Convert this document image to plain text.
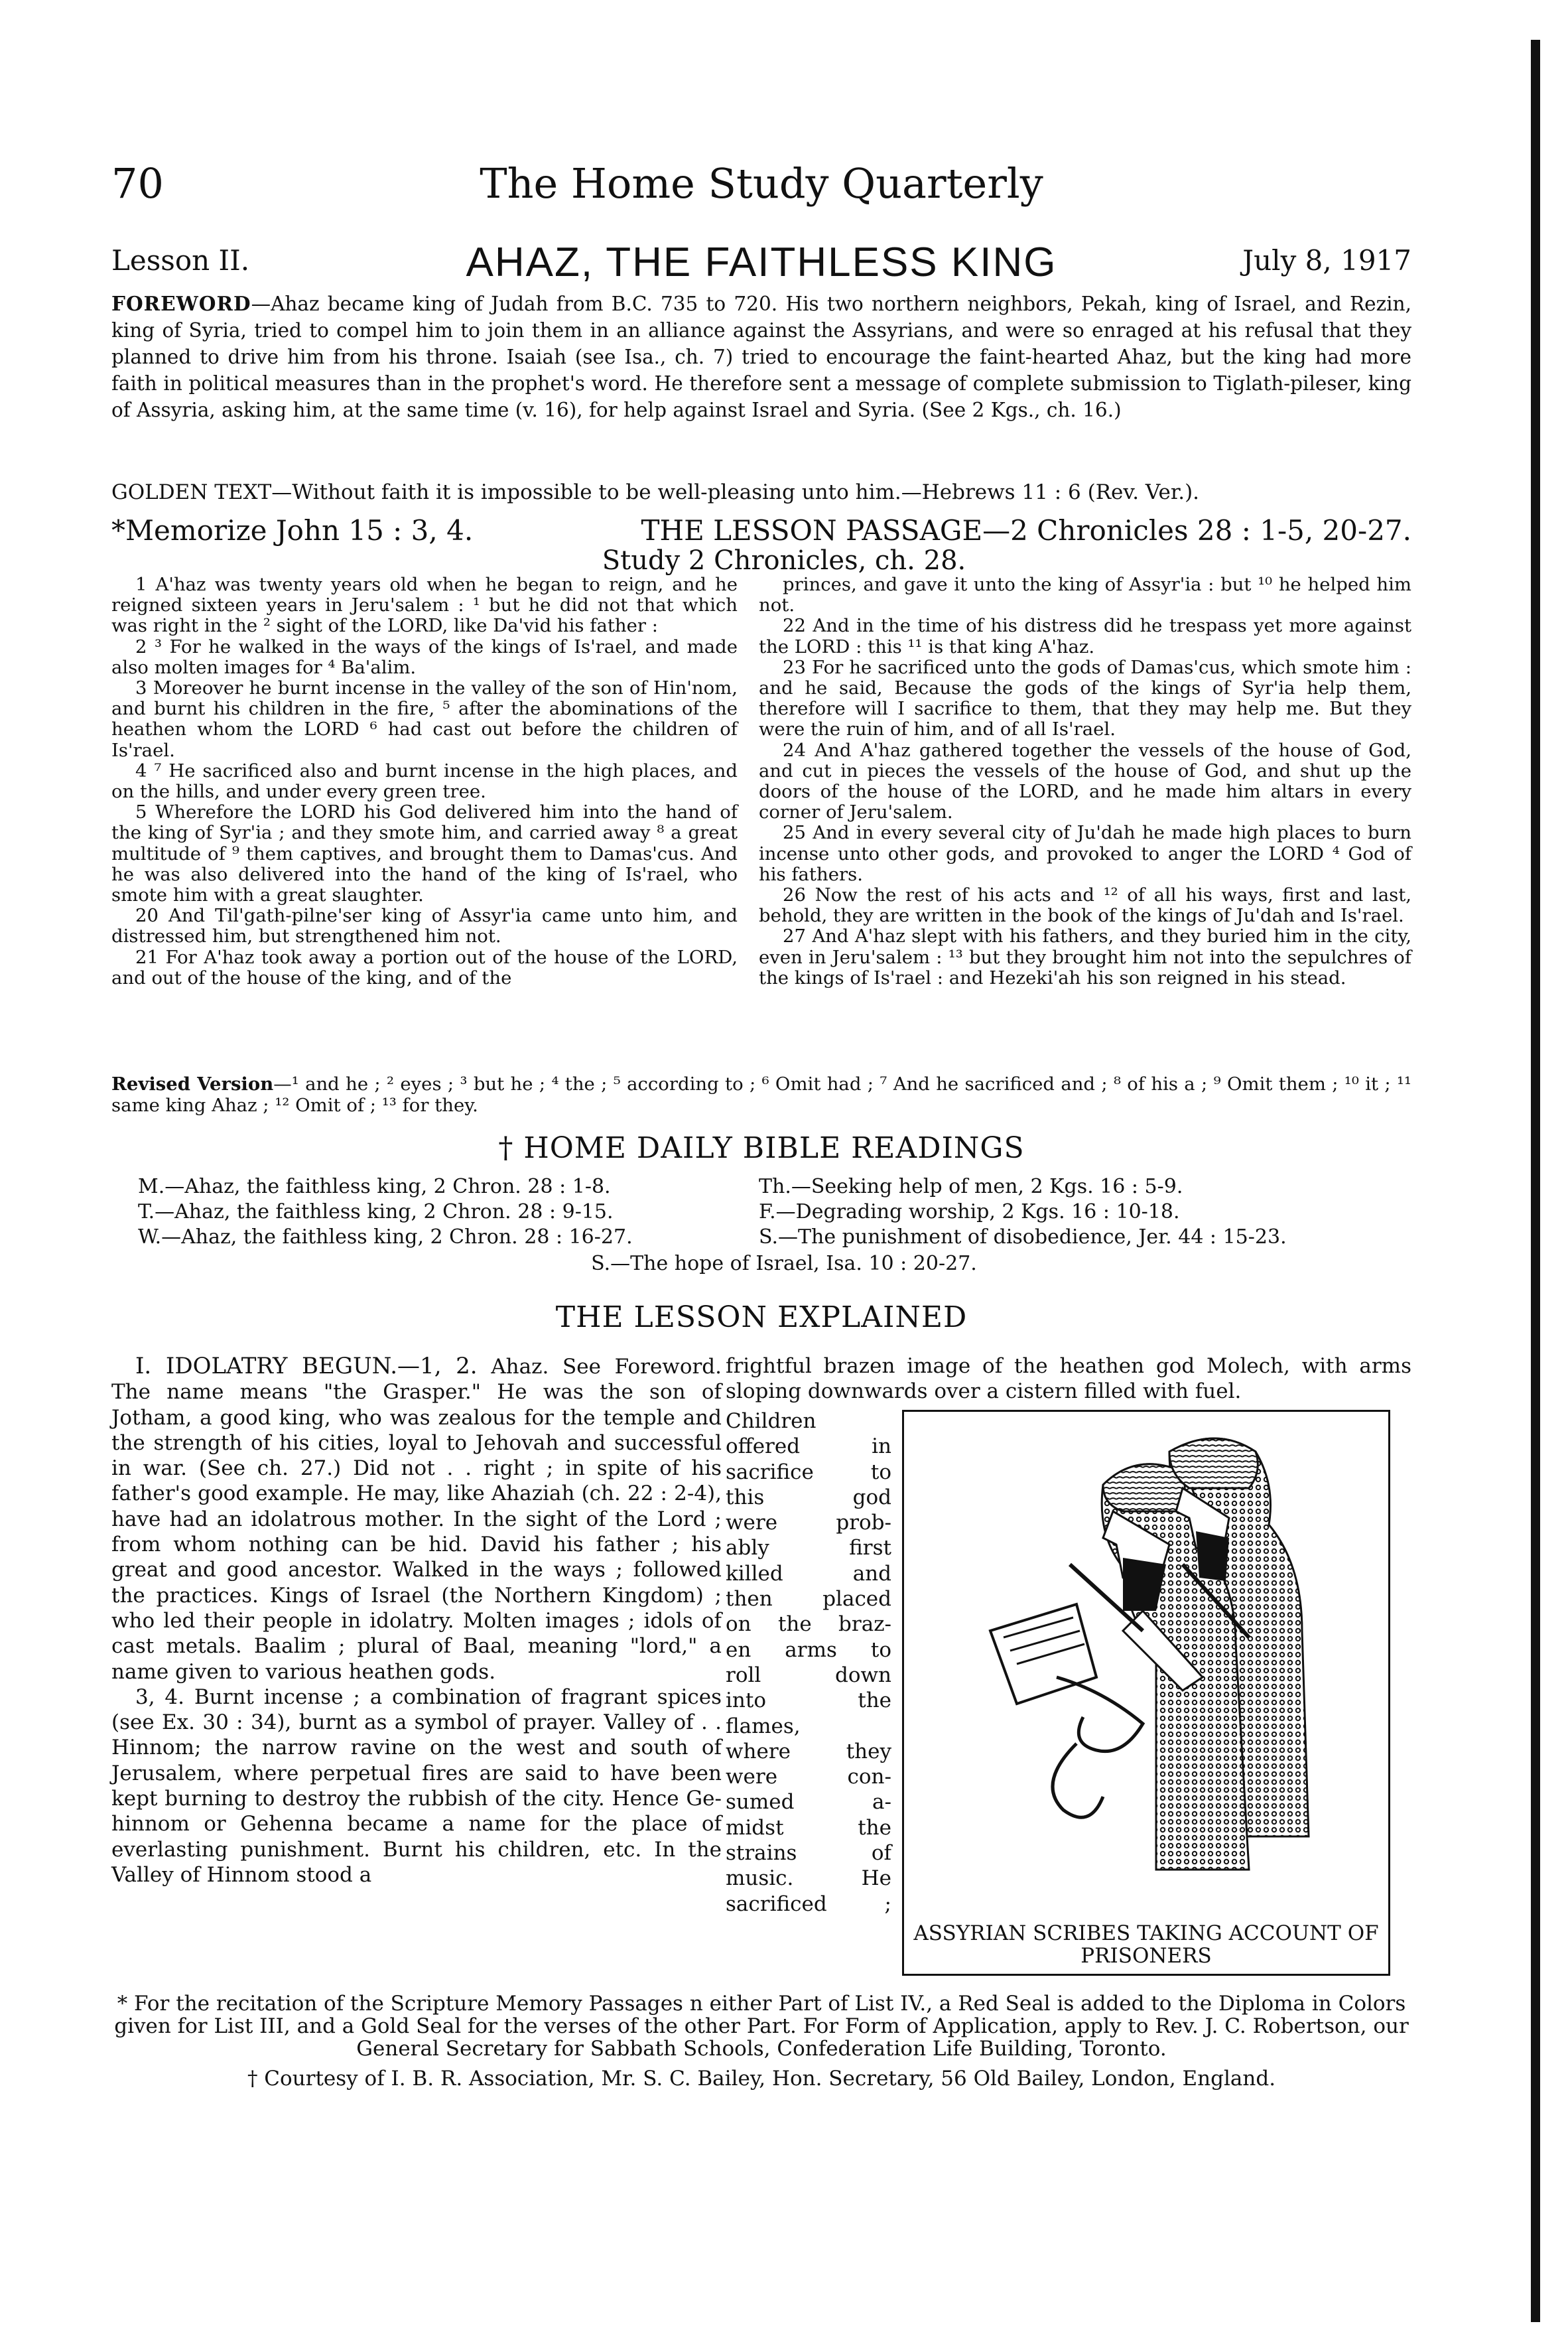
70	The Home Study Quarterly
Lesson II.	AHAZ, THE FAITHLESS KING	July 8, 1917
FOREWORD—Ahaz became king of Judah from B.C. 735 to 720. His two northern neighbors, Pekah, king of Israel, and Rezin, king of Syria, tried to compel him to join them in an alliance against the Assyrians, and were so enraged at his refusal that they planned to drive him from his throne. Isaiah (see Isa., ch. 7) tried to encourage the faint-hearted Ahaz, but the king had more faith in political measures than in the prophet's word. He therefore sent a message of complete submission to Tiglath-pileser, king of Assyria, asking him, at the same time (v. 16), for help against Israel and Syria. (See 2 Kgs., ch. 16.)
GOLDEN TEXT—Without faith it is impossible to be well-pleasing unto him.—Hebrews 11 : 6 (Rev. Ver.).
*Memorize John 15 : 3, 4.	THE LESSON PASSAGE—2 Chronicles 28 : 1-5, 20-27.
Study 2 Chronicles, ch. 28.

1 A'haz was twenty years old when he began to reign, and he reigned sixteen years in Jeru'salem : ¹ but he did not that which was right in the ² sight of the LORD, like Da'vid his father :

2 ³ For he walked in the ways of the kings of Is'rael, and made also molten images for ⁴ Ba'alim.

3 Moreover he burnt incense in the valley of the son of Hin'nom, and burnt his children in the fire, ⁵ after the abominations of the heathen whom the LORD ⁶ had cast out before the children of Is'rael.

4 ⁷ He sacrificed also and burnt incense in the high places, and on the hills, and under every green tree.

5 Wherefore the LORD his God delivered him into the hand of the king of Syr'ia ; and they smote him, and carried away ⁸ a great multitude of ⁹ them captives, and brought them to Damas'cus. And he was also delivered into the hand of the king of Is'rael, who smote him with a great slaughter.

20 And Til'gath-pilne'ser king of Assyr'ia came unto him, and distressed him, but strengthened him not.

21 For A'haz took away a portion out of the house of the LORD, and out of the house of the king, and of the

princes, and gave it unto the king of Assyr'ia : but ¹⁰ he helped him not.

22 And in the time of his distress did he trespass yet more against the LORD : this ¹¹ is that king A'haz.

23 For he sacrificed unto the gods of Damas'cus, which smote him : and he said, Because the gods of the kings of Syr'ia help them, therefore will I sacrifice to them, that they may help me. But they were the ruin of him, and of all Is'rael.

24 And A'haz gathered together the vessels of the house of God, and cut in pieces the vessels of the house of God, and shut up the doors of the house of the LORD, and he made him altars in every corner of Jeru'salem.

25 And in every several city of Ju'dah he made high places to burn incense unto other gods, and provoked to anger the LORD ⁴ God of his fathers.

26 Now the rest of his acts and ¹² of all his ways, first and last, behold, they are written in the book of the kings of Ju'dah and Is'rael.

27 And A'haz slept with his fathers, and they buried him in the city, even in Jeru'salem : ¹³ but they brought him not into the sepulchres of the kings of Is'rael : and Hezeki'ah his son reigned in his stead.

Revised Version—¹ and he ; ² eyes ; ³ but he ; ⁴ the ; ⁵ according to ; ⁶ Omit had ; ⁷ And he sacrificed and ; ⁸ of his a ; ⁹ Omit them ; ¹⁰ it ; ¹¹ same king Ahaz ; ¹² Omit of ; ¹³ for they.
† HOME DAILY BIBLE READINGS
M.—Ahaz, the faithless king, 2 Chron. 28 : 1-8.
T.—Ahaz, the faithless king, 2 Chron. 28 : 9-15.
W.—Ahaz, the faithless king, 2 Chron. 28 : 16-27.
Th.—Seeking help of men, 2 Kgs. 16 : 5-9.
F.—Degrading worship, 2 Kgs. 16 : 10-18.
S.—The punishment of disobedience, Jer. 44 : 15-23.
S.—The hope of Israel, Isa. 10 : 20-27.
THE LESSON EXPLAINED

I. IDOLATRY BEGUN.—1, 2. Ahaz. See Foreword. The name means "the Grasper." He was the son of Jotham, a good king, who was zealous for the temple and the strength of his cities, loyal to Jehovah and successful in war. (See ch. 27.) Did not . . right ; in spite of his father's good example. He may, like Ahaziah (ch. 22 : 2-4), have had an idolatrous mother. In the sight of the Lord ; from whom nothing can be hid. David his father ; his great and good ancestor. Walked in the ways ; followed the practices. Kings of Israel (the Northern Kingdom) ; who led their people in idolatry. Molten images ; idols of cast metals. Baalim ; plural of Baal, meaning "lord," a name given to various heathen gods.

3, 4. Burnt incense ; a combination of fragrant spices (see Ex. 30 : 34), burnt as a symbol of prayer. Valley of . . Hinnom; the narrow ravine on the west and south of Jerusalem, where perpetual fires are said to have been kept burning to destroy the rubbish of the city. Hence Ge-hinnom or Gehenna became a name for the place of everlasting punishment. Burnt his children, etc. In the Valley of Hinnom stood a

frightful brazen image of the heathen god Molech, with arms sloping downwards over a cistern filled with fuel.
Children
offered in
sacrifice to
this god
were prob-
ably first
killed and
then placed
on the braz-
en arms to
roll down
into the
flames,
where they
were con-
sumed a-
midst the
strains of
music. He
sacrificed ;
ASSYRIAN SCRIBES TAKING ACCOUNT OF PRISONERS
* For the recitation of the Scripture Memory Passages n either Part of List IV., a Red Seal is added to the Diploma in Colors given for List III, and a Gold Seal for the verses of the other Part. For Form of Application, apply to Rev. J. C. Robertson, our General Secretary for Sabbath Schools, Confederation Life Building, Toronto.
† Courtesy of I. B. R. Association, Mr. S. C. Bailey, Hon. Secretary, 56 Old Bailey, London, England.
